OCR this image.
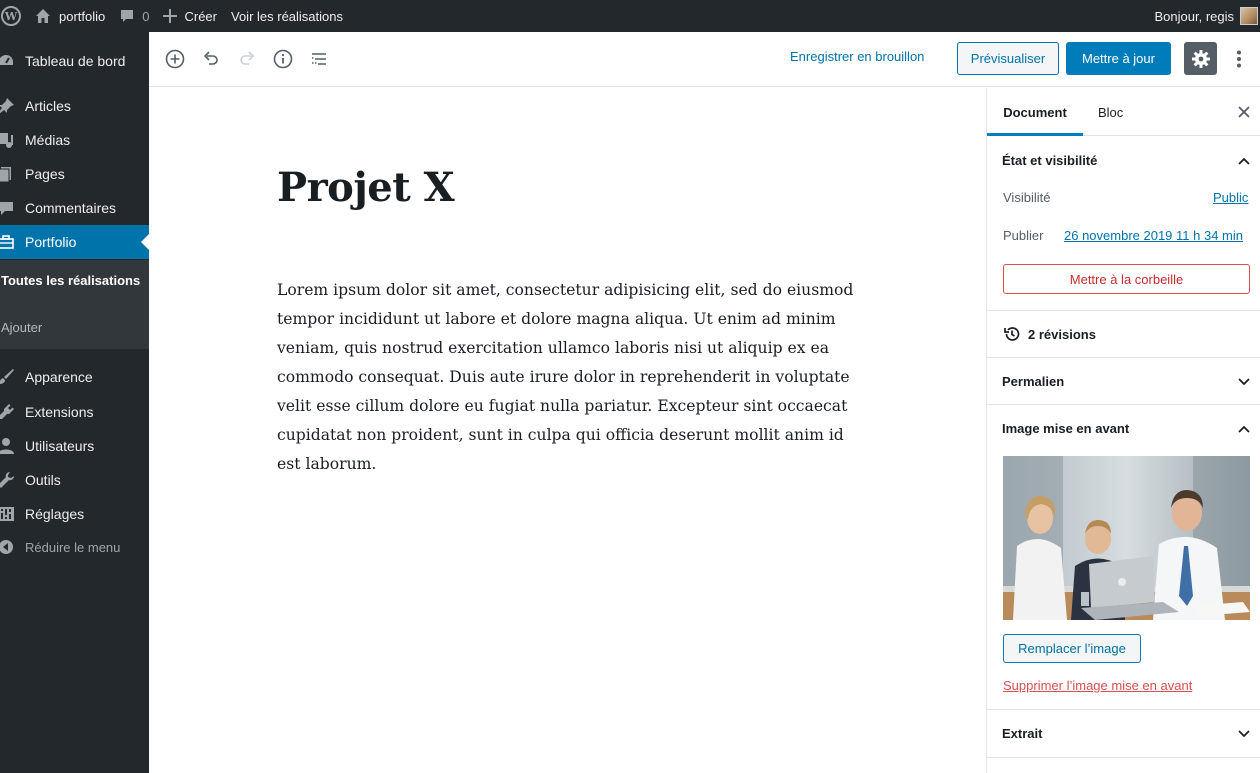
W	portfolio	0	Créer Voir les réalisations	Bonjour, regis
Tableau de bord
Articles
Médias
Pages
Commentaires
Portfolio
Toutes les réalisations
Ajouter
Apparence
Extensions
Utilisateurs
Outils
Réglages
Réduire le menu
Enregistrer en brouillon	Prévisualiser	Mettre à jour
Projet X
Lorem ipsum dolor sit amet, consectetur adipisicing elit, sed do eiusmod tempor incididunt ut labore et dolore magna aliqua. Ut enim ad minim veniam, quis nostrud exercitation ullamco laboris nisi ut aliquip ex ea commodo consequat. Duis aute irure dolor in reprehenderit in voluptate velit esse cillum dolore eu fugiat nulla pariatur. Excepteur sint occaecat cupidatat non proident, sunt in culpa qui officia deserunt mollit anim id est laborum.
Document	Bloc
État et visibilité
Visibilité	Public
Publier 26 novembre 2019 11 h 34 min
Mettre à la corbeille
2 révisions
Permalien
Image mise en avant
Remplacer l’image
Supprimer l’image mise en avant
Extrait
